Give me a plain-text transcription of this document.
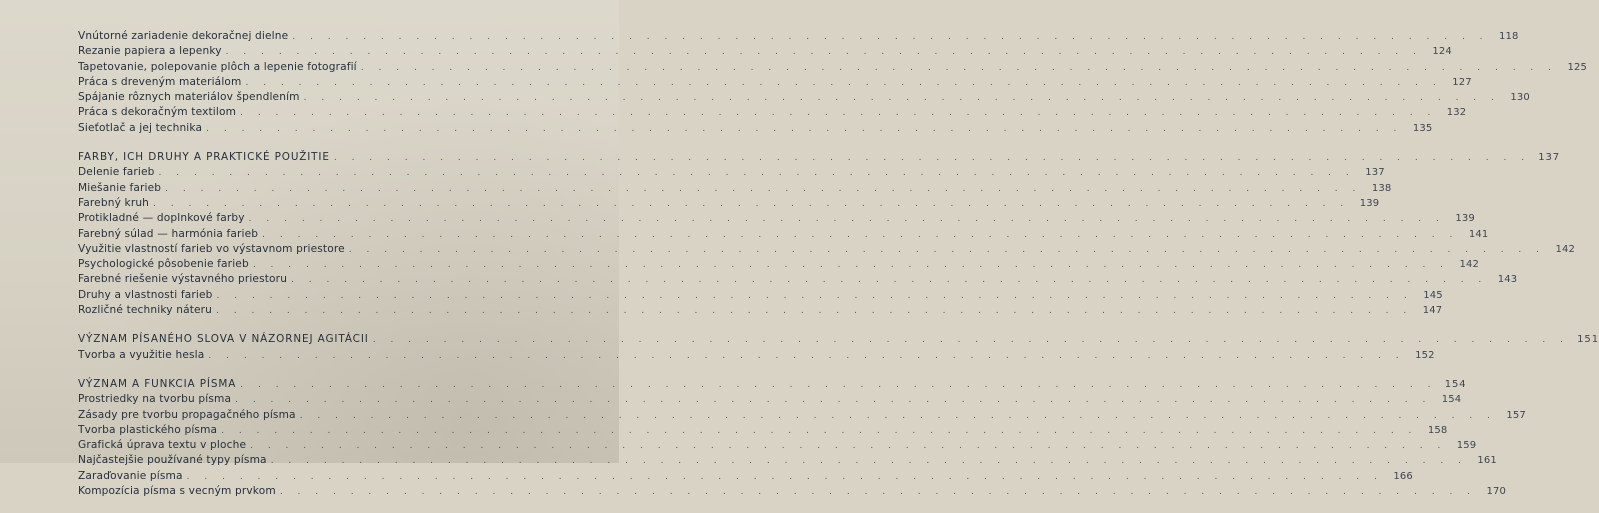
Vnútorné zariadenie dekoračnej dielne . . .	118
Rezanie papiera a lepenky . . .	124
Tapetovanie, polepovanie plôch a lepenie fotografií . . .	125
Práca s dreveným materiálom . . .	127
Spájanie rôznych materiálov špendlením . . .	130
Práca s dekoračným textilom . . .	132
Sieťotlač a jej technika . . .	135
FARBY, ICH DRUHY A PRAKTICKÉ POUŽITIE . . .	137
Delenie farieb . . .	137
Miešanie farieb . . .	138
Farebný kruh . . .	139
Protikladné — doplnkové farby . . .	139
Farebný súlad — harmónia farieb . . .	141
Využitie vlastností farieb vo výstavnom priestore . . .	142
Psychologické pôsobenie farieb . . .	142
Farebné riešenie výstavného priestoru . . .	143
Druhy a vlastnosti farieb . . .	145
Rozličné techniky náteru . . .	147
VÝZNAM PÍSANÉHO SLOVA V NÁZORNEJ AGITÁCII . . .	151
Tvorba a využitie hesla . . .	152
VÝZNAM A FUNKCIA PÍSMA . . .	154
Prostriedky na tvorbu písma . . .	154
Zásady pre tvorbu propagačného písma . . .	157
Tvorba plastického písma . . .	158
Grafická úprava textu v ploche . . .	159
Najčastejšie používané typy písma . . .	161
Zaraďovanie písma . . .	166
Kompozícia písma s vecným prvkom . . .	170
